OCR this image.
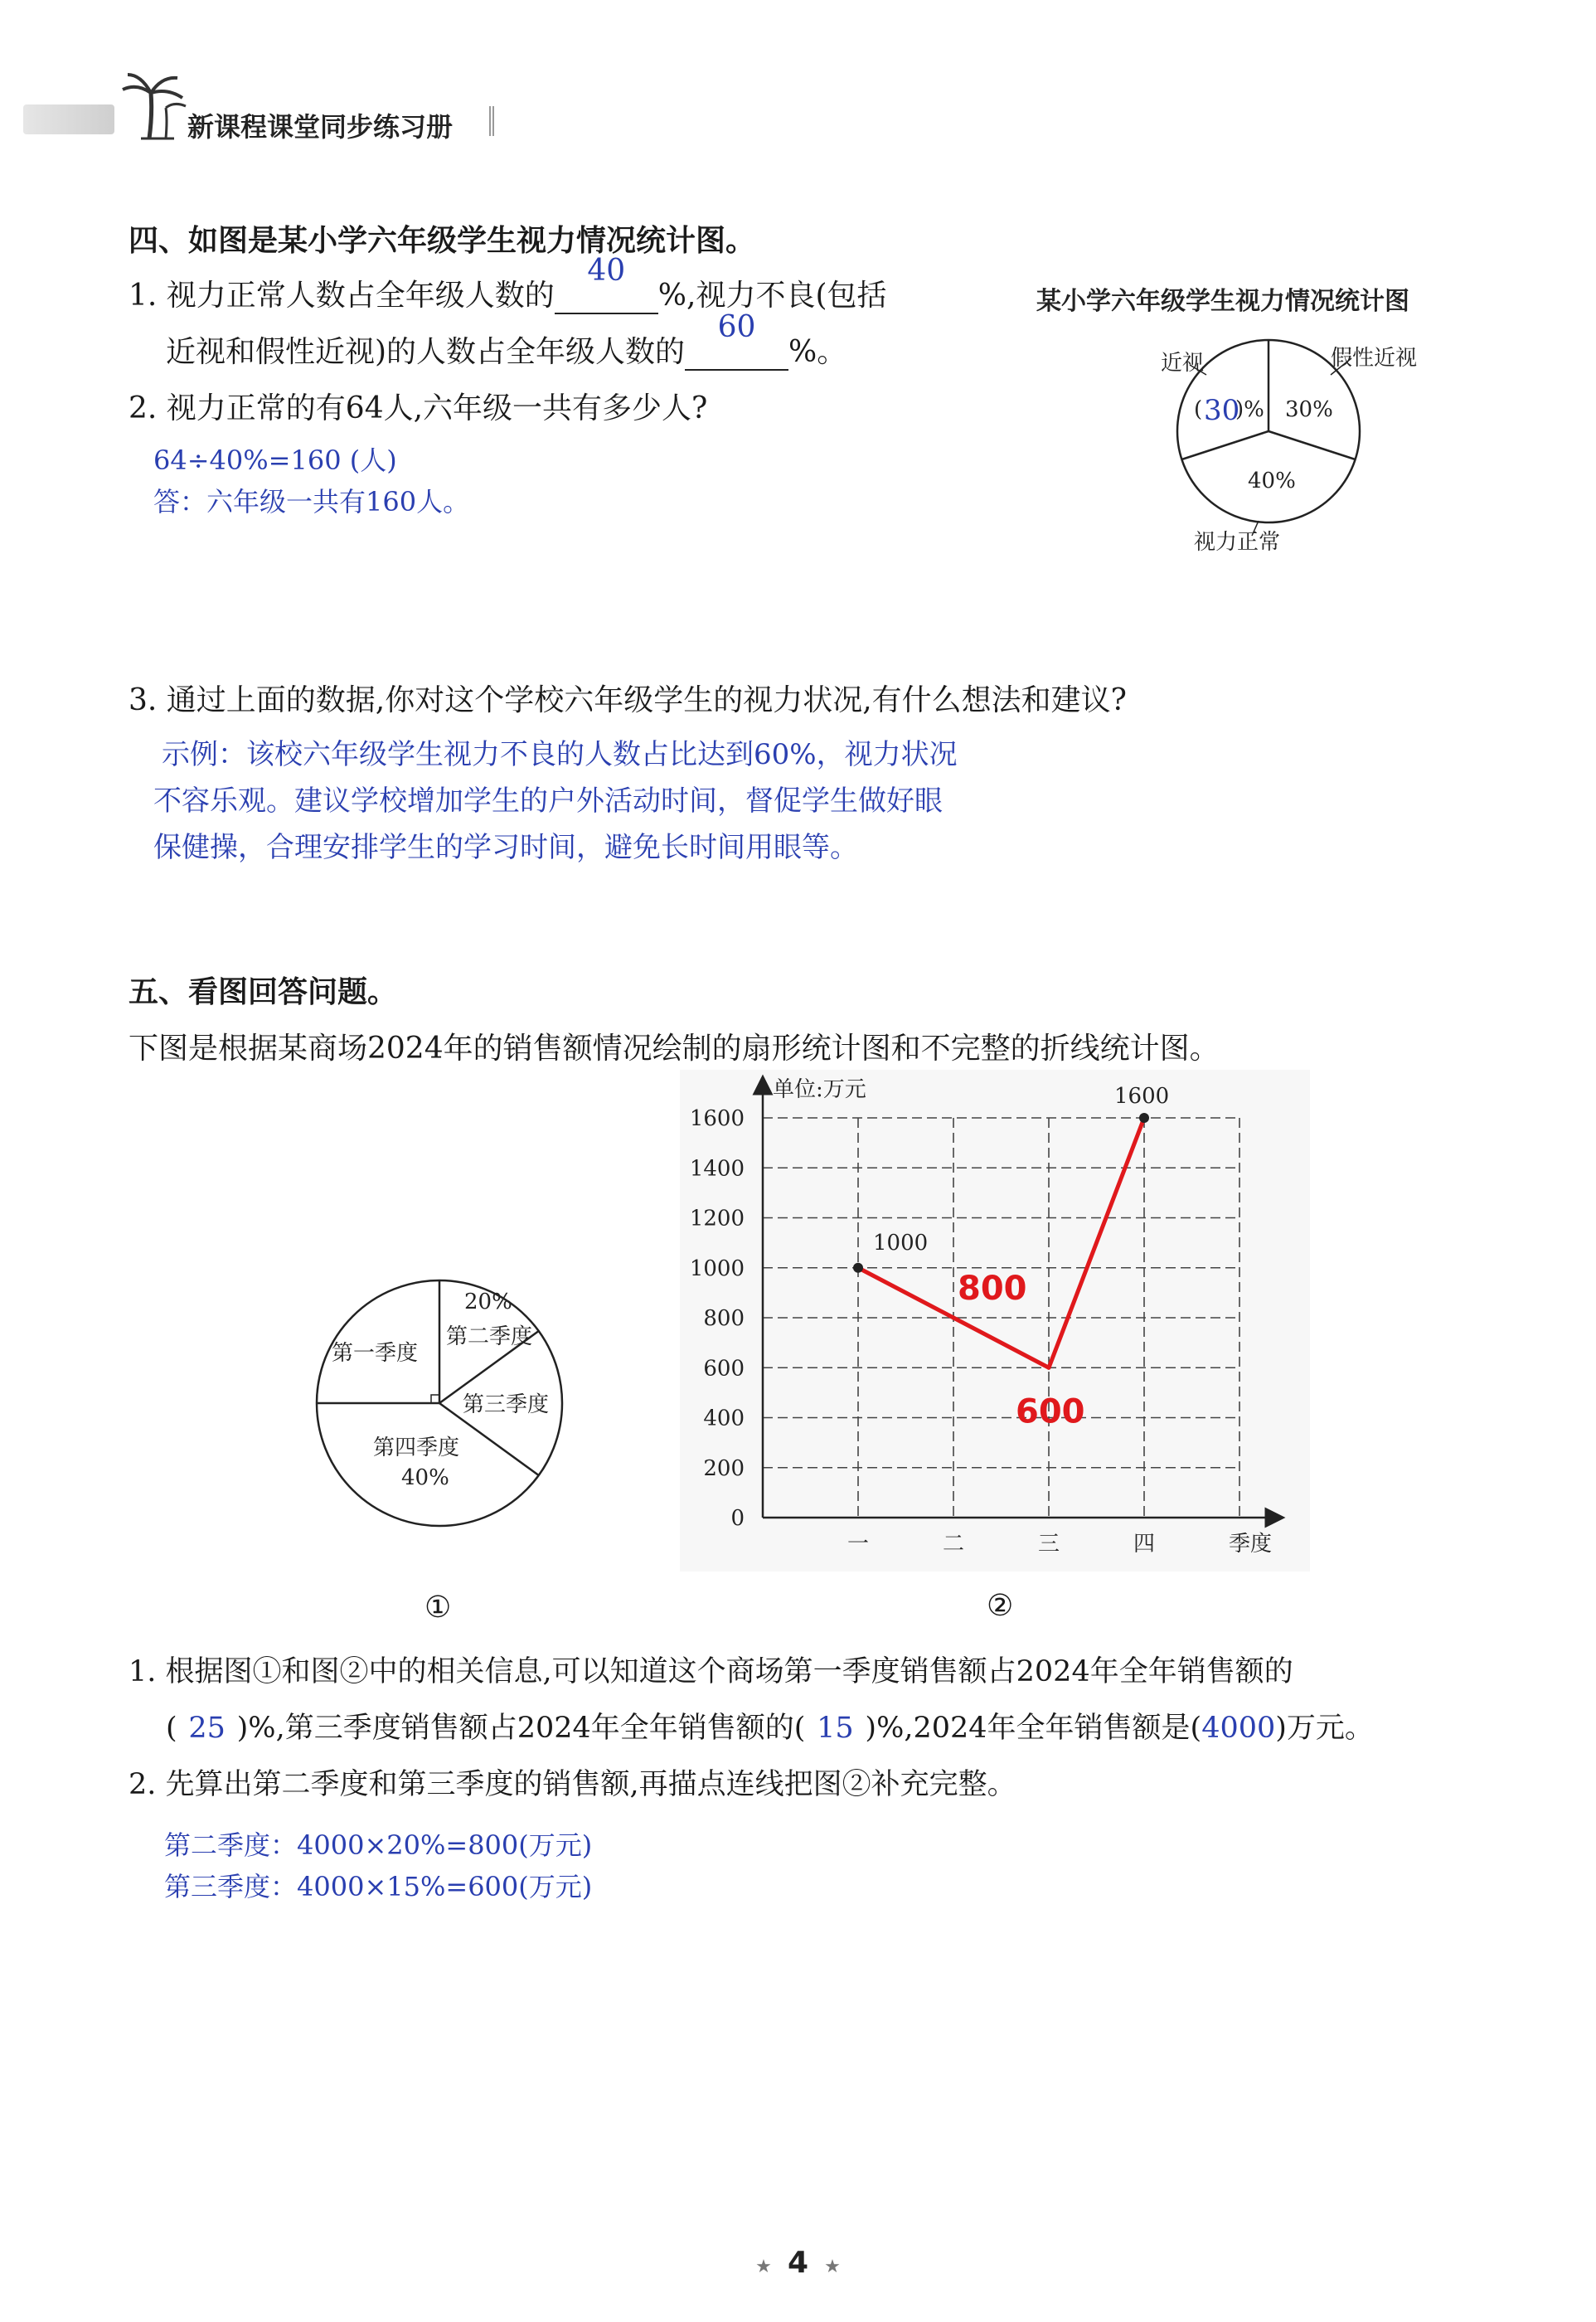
新课程课堂同步练习册
四、如图是某小学六年级学生视力情况统计图。
1. 视力正常人数占全年级人数的
40
%,视力不良(包括
近视和假性近视)的人数占全年级人数的
60
%。
2. 视力正常的有64人,六年级一共有多少人?
64÷40%=160 (人)
答：六年级一共有160人。
某小学六年级学生视力情况统计图
近视	假性近视
( 30
)% 30%
40%
视力正常
3. 通过上面的数据,你对这个学校六年级学生的视力状况,有什么想法和建议?
示例：该校六年级学生视力不良的人数占比达到60%，视力状况
不容乐观。建议学校增加学生的户外活动时间，督促学生做好眼
保健操，合理安排学生的学习时间，避免长时间用眼等。
五、看图回答问题。
下图是根据某商场2024年的销售额情况绘制的扇形统计图和不完整的折线统计图。
20%
第二季度
第一季度
第三季度
第四季度
40%
①
单位:万元
季度
0
200
400
600
800
1000
1200
1400
1600
一	二	三	四
1000
800
600
1600
②
1. 根据图①和图②中的相关信息,可以知道这个商场第一季度销售额占2024年全年销售额的
( 25 )%,第三季度销售额占2024年全年销售额的( 15 )%,2024年全年销售额是(4000)万元。
2. 先算出第二季度和第三季度的销售额,再描点连线把图②补充完整。
第二季度：4000×20%=800(万元)
第三季度：4000×15%=600(万元)
★ 4 ★
